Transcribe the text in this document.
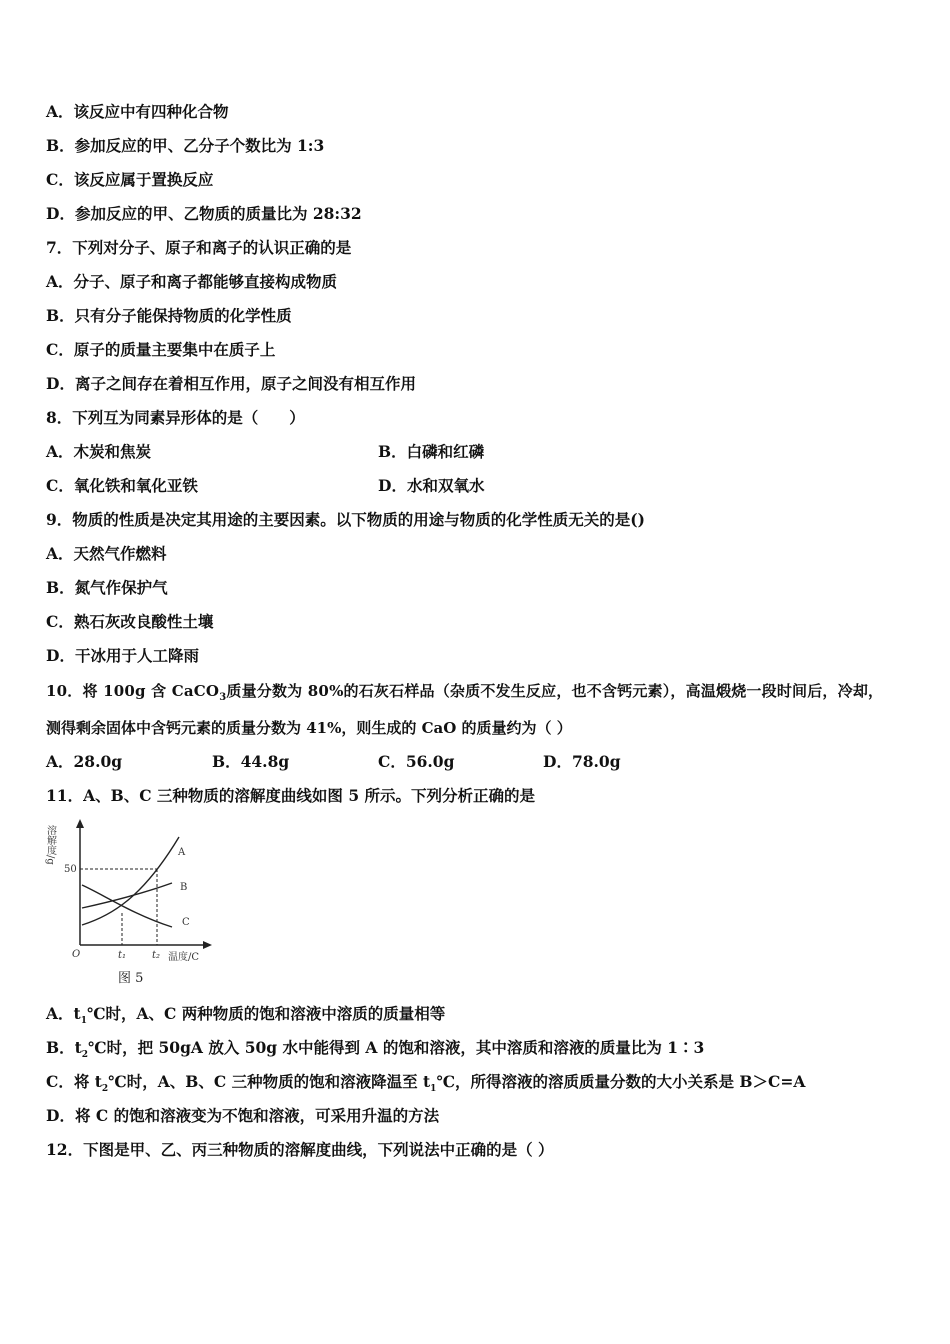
A．该反应中有四种化合物
B．参加反应的甲、乙分子个数比为 1:3
C．该反应属于置换反应
D．参加反应的甲、乙物质的质量比为 28:32
7．下列对分子、原子和离子的认识正确的是
A．分子、原子和离子都能够直接构成物质
B．只有分子能保持物质的化学性质
C．原子的质量主要集中在质子上
D．离子之间存在着相互作用，原子之间没有相互作用
8．下列互为同素异形体的是（　　）
A．木炭和焦炭	B．白磷和红磷
C．氧化铁和氧化亚铁	D．水和双氧水
9．物质的性质是决定其用途的主要因素。以下物质的用途与物质的化学性质无关的是()
A．天然气作燃料
B．氮气作保护气
C．熟石灰改良酸性土壤
D．干冰用于人工降雨
10．将 100g 含 CaCO$_3$质量分数为 80%的石灰石样品（杂质不发生反应，也不含钙元素），高温煅烧一段时间后，冷却，
测得剩余固体中含钙元素的质量分数为 41%，则生成的 CaO 的质量约为（ ）
A．28.0g	B．44.8g	C．56.0g	D．78.0g
11．A、B、C 三种物质的溶解度曲线如图 5 所示。下列分析正确的是
溶解度/g
50
O	t₁	t₂ 温度/C
A
B
C
图 5
A．$t_1℃$时，A、C 两种物质的饱和溶液中溶质的质量相等
B．$t_2℃$时，把 50gA 放入 50g 水中能得到 A 的饱和溶液，其中溶质和溶液的质量比为 1∶3
C．将 $t_2℃$时，A、B、C 三种物质的饱和溶液降温至 $t_1℃$，所得溶液的溶质质量分数的大小关系是 B＞C=A
D．将 C 的饱和溶液变为不饱和溶液，可采用升温的方法
12．下图是甲、乙、丙三种物质的溶解度曲线，下列说法中正确的是（ ）
